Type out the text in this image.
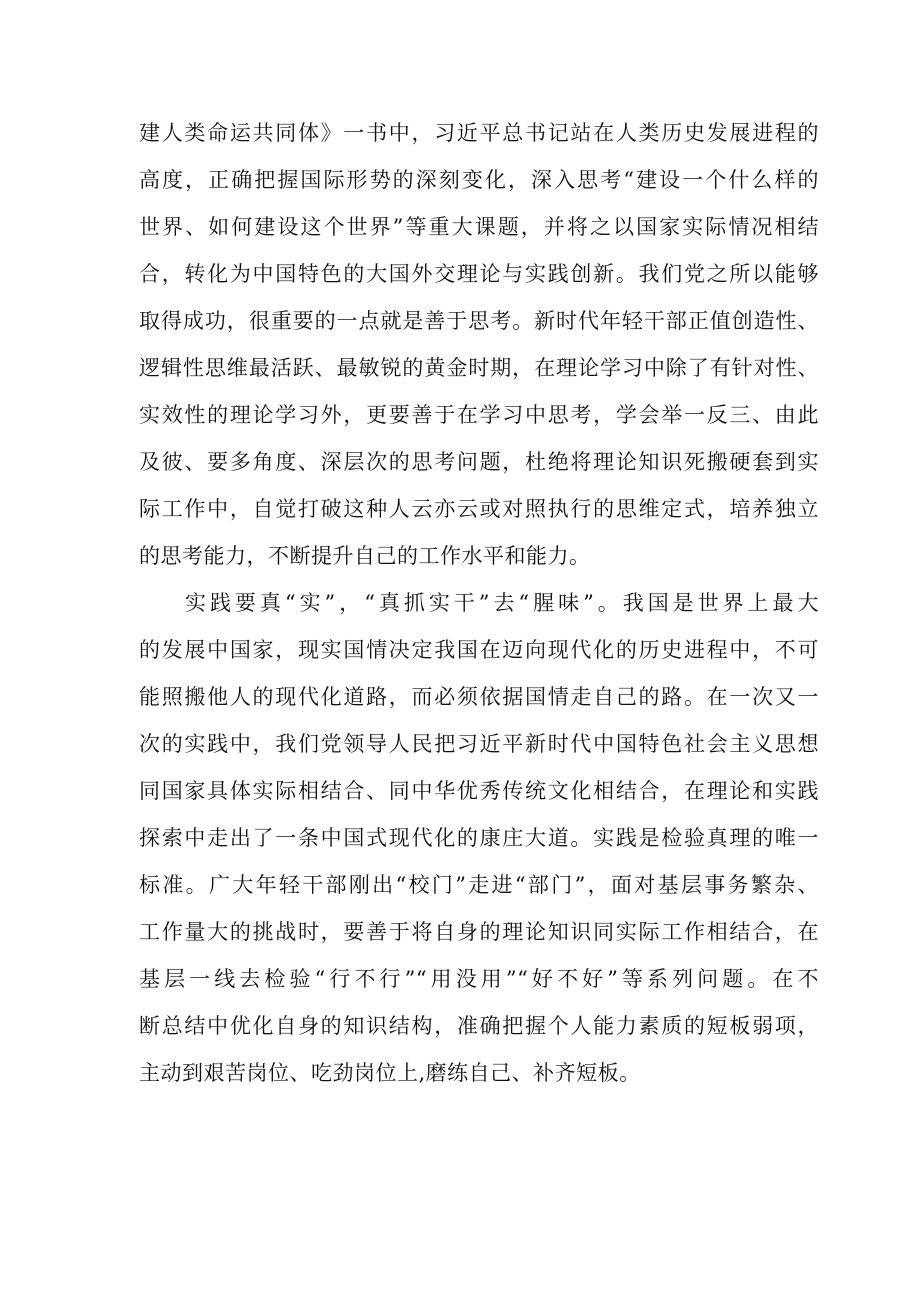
建人类命运共同体》一书中，习近平总书记站在人类历史发展进程的
高度，正确把握国际形势的深刻变化，深入思考“建设一个什么样的
世界、如何建设这个世界”等重大课题，并将之以国家实际情况相结
合，转化为中国特色的大国外交理论与实践创新。我们党之所以能够
取得成功，很重要的一点就是善于思考。新时代年轻干部正值创造性、
逻辑性思维最活跃、最敏锐的黄金时期，在理论学习中除了有针对性、
实效性的理论学习外，更要善于在学习中思考，学会举一反三、由此
及彼、要多角度、深层次的思考问题，杜绝将理论知识死搬硬套到实
际工作中，自觉打破这种人云亦云或对照执行的思维定式，培养独立
的思考能力，不断提升自己的工作水平和能力。
实践要真“实”，“真抓实干”去“腥味”。我国是世界上最大
的发展中国家，现实国情决定我国在迈向现代化的历史进程中，不可
能照搬他人的现代化道路，而必须依据国情走自己的路。在一次又一
次的实践中，我们党领导人民把习近平新时代中国特色社会主义思想
同国家具体实际相结合、同中华优秀传统文化相结合，在理论和实践
探索中走出了一条中国式现代化的康庄大道。实践是检验真理的唯一
标准。广大年轻干部刚出“校门”走进“部门”，面对基层事务繁杂、
工作量大的挑战时，要善于将自身的理论知识同实际工作相结合，在
基层一线去检验“行不行”“用没用”“好不好”等系列问题。在不
断总结中优化自身的知识结构，准确把握个人能力素质的短板弱项，
主动到艰苦岗位、吃劲岗位上,磨练自己、补齐短板。
